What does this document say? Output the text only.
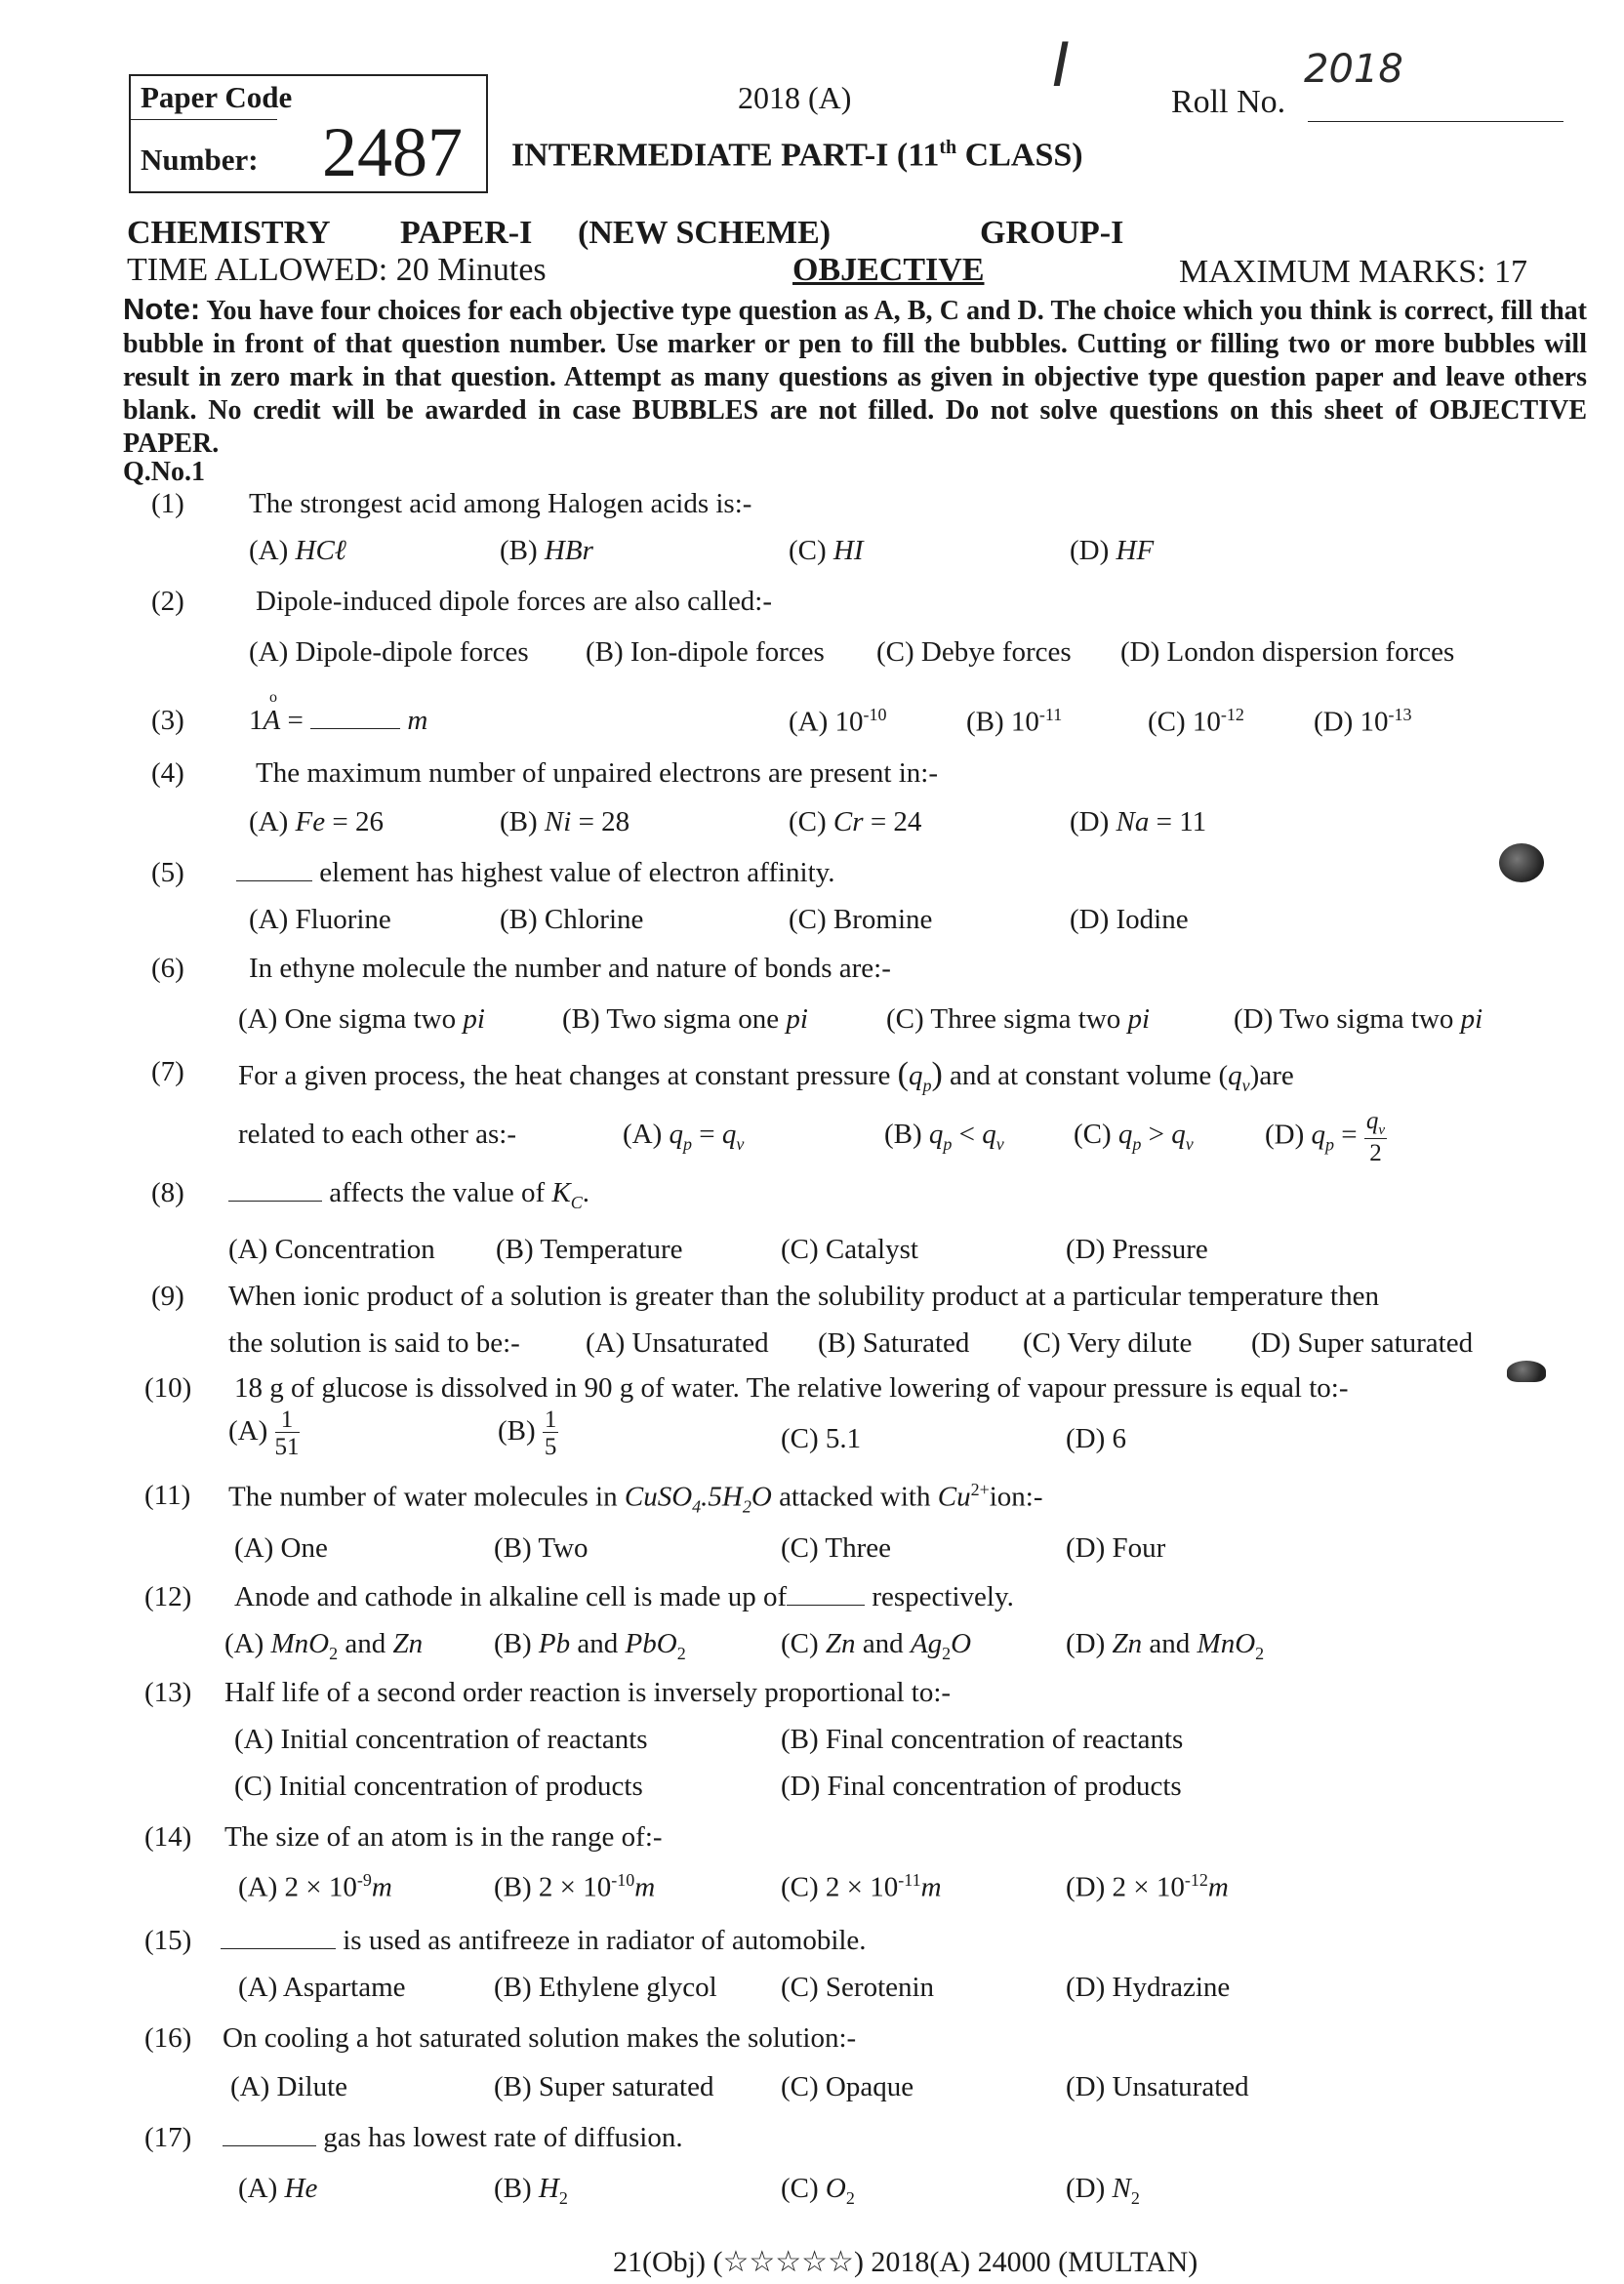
Paper Code
Number: 2487
2018 (A)
INTERMEDIATE PART-I (11th CLASS)
I	2018
Roll No.
CHEMISTRY PAPER-I (NEW SCHEME)	GROUP-I
TIME ALLOWED: 20 Minutes	OBJECTIVE	MAXIMUM MARKS: 17
Note: You have four choices for each objective type question as A, B, C and D. The choice which you think is correct, fill that bubble in front of that question number. Use marker or pen to fill the bubbles. Cutting or filling two or more bubbles will result in zero mark in that question. Attempt as many questions as given in objective type question paper and leave others blank. No credit will be awarded in case BUBBLES are not filled. Do not solve questions on this sheet of OBJECTIVE PAPER.
Q.No.1
(1) The strongest acid among Halogen acids is:-
(A) HCℓ	(B) HBr	(C) HI	(D) HF
(2)	Dipole-induced dipole forces are also called:-
(A) Dipole-dipole forces (B) Ion-dipole forces (C) Debye forces (D) London dispersion forces
(3) 1A =	m
o
(A) $10^{-10}$	(B) $10^{-11}$	(C) $10^{-12}$ (D) $10^{-13}$
(4)	The maximum number of unpaired electrons are present in:-
(A) Fe = 26	(B) Ni = 28	(C) Cr = 24	(D) Na = 11
(5)	element has highest value of electron affinity.
(A) Fluorine	(B) Chlorine	(C) Bromine	(D) Iodine
(6) In ethyne molecule the number and nature of bonds are:-
(A) One sigma two pi	(B) Two sigma one pi	(C) Three sigma two pi	(D) Two sigma two pi
(7) For a given process, the heat changes at constant pressure $(q_p)$ and at constant volume $(q_v)are$
related to each other as:-	(A) $q_p = q_v$	(B) $q_p < q_v$ (C) $q_p > q_v$	(D) $q_p = \frac{q_v}{2}$
(8)	affects the value of $K_C$.
(A) Concentration (B) Temperature	(C) Catalyst	(D) Pressure
(9) When ionic product of a solution is greater than the solubility product at a particular temperature then
the solution is said to be:- (A) Unsaturated (B) Saturated (C) Very dilute (D) Super saturated
(10) 18 g of glucose is dissolved in 90 g of water. The relative lowering of vapour pressure is equal to:-
$(A) \frac{1}{51}$	$(B) \frac{1}{5}$	(C) 5.1	(D) 6
(11) The number of water molecules in $CuSO_4.5H_2O$ attacked with $Cu^{2+}ion:-$
(A) One	(B) Two	(C) Three	(D) Four
(12) Anode and cathode in alkaline cell is made up of	respectively.
(A) MnO$_2$ and Zn	(B) Pb and PbO$_2$	(C) Zn and $Ag_2O$	(D) Zn and MnO$_2$
(13) Half life of a second order reaction is inversely proportional to:-
(A) Initial concentration of reactants	(B) Final concentration of reactants
(C) Initial concentration of products	(D) Final concentration of products
(14) The size of an atom is in the range of:-
(A) $2 \times 10^{-9}m$	(B) $2 \times 10^{-10}m$	(C) $2 \times 10^{-11}m$	(D) $2 \times 10^{-12}m$
(15)	is used as antifreeze in radiator of automobile.
(A) Aspartame	(B) Ethylene glycol (C) Serotenin	(D) Hydrazine
(16) On cooling a hot saturated solution makes the solution:-
(A) Dilute	(B) Super saturated (C) Opaque	(D) Unsaturated
(17)	gas has lowest rate of diffusion.
(A) He	(B) $H_2$	(C) $O_2$	(D) $N_2$
21(Obj) (☆☆☆☆☆) 2018(A) 24000 (MULTAN)
